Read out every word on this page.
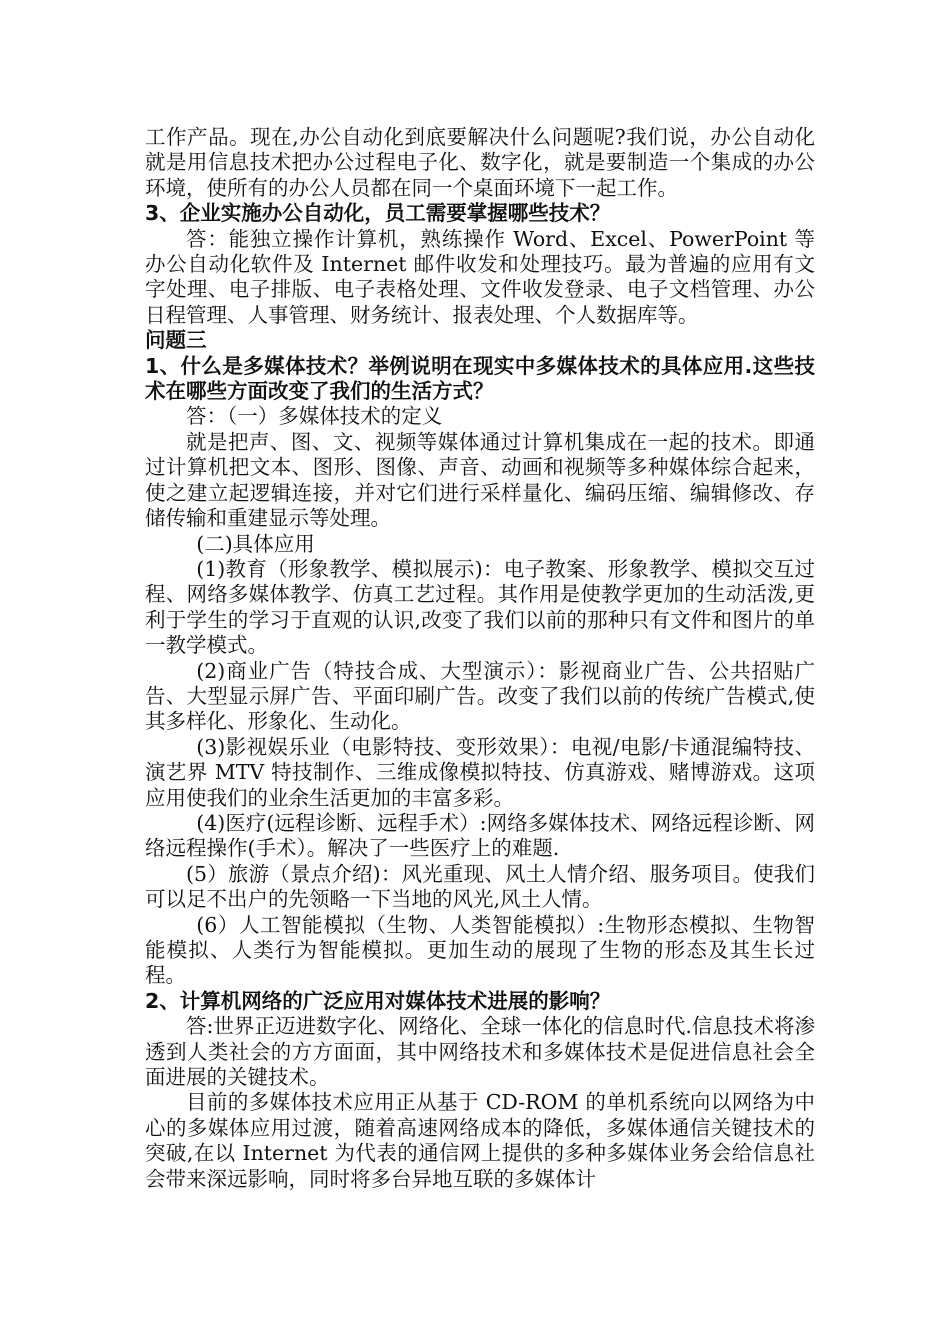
工作产品。现在,办公自动化到底要解决什么问题呢?我们说，办公自动化就是用信息技术把办公过程电子化、数字化，就是要制造一个集成的办公环境，使所有的办公人员都在同一个桌面环境下一起工作。

3、企业实施办公自动化，员工需要掌握哪些技术？

答：能独立操作计算机，熟练操作 Word、Excel、PowerPoint 等办公自动化软件及 Internet 邮件收发和处理技巧。最为普遍的应用有文字处理、电子排版、电子表格处理、文件收发登录、电子文档管理、办公日程管理、人事管理、财务统计、报表处理、个人数据库等。

问题三

1、什么是多媒体技术？举例说明在现实中多媒体技术的具体应用.这些技术在哪些方面改变了我们的生活方式？

答：（一）多媒体技术的定义

就是把声、图、文、视频等媒体通过计算机集成在一起的技术。即通过计算机把文本、图形、图像、声音、动画和视频等多种媒体综合起来，使之建立起逻辑连接，并对它们进行采样量化、编码压缩、编辑修改、存储传输和重建显示等处理。

(二)具体应用

(1)教育（形象教学、模拟展示)：电子教案、形象教学、模拟交互过程、网络多媒体教学、仿真工艺过程。其作用是使教学更加的生动活泼,更利于学生的学习于直观的认识,改变了我们以前的那种只有文件和图片的单一教学模式。

(2)商业广告（特技合成、大型演示）：影视商业广告、公共招贴广告、大型显示屏广告、平面印刷广告。改变了我们以前的传统广告模式,使其多样化、形象化、生动化。

(3)影视娱乐业（电影特技、变形效果）：电视/电影/卡通混编特技、演艺界 MTV 特技制作、三维成像模拟特技、仿真游戏、赌博游戏。这项应用使我们的业余生活更加的丰富多彩。

(4)医疗(远程诊断、远程手术）:网络多媒体技术、网络远程诊断、网络远程操作(手术）。解决了一些医疗上的难题.

(5）旅游（景点介绍)：风光重现、风土人情介绍、服务项目。使我们可以足不出户的先领略一下当地的风光,风土人情。

(6）人工智能模拟（生物、人类智能模拟）:生物形态模拟、生物智能模拟、人类行为智能模拟。更加生动的展现了生物的形态及其生长过程。

2、计算机网络的广泛应用对媒体技术进展的影响？

答:世界正迈进数字化、网络化、全球一体化的信息时代.信息技术将渗透到人类社会的方方面面，其中网络技术和多媒体技术是促进信息社会全面进展的关键技术。

目前的多媒体技术应用正从基于 CD-ROM 的单机系统向以网络为中心的多媒体应用过渡，随着高速网络成本的降低，多媒体通信关键技术的突破,在以 Internet 为代表的通信网上提供的多种多媒体业务会给信息社会带来深远影响，同时将多台异地互联的多媒体计
